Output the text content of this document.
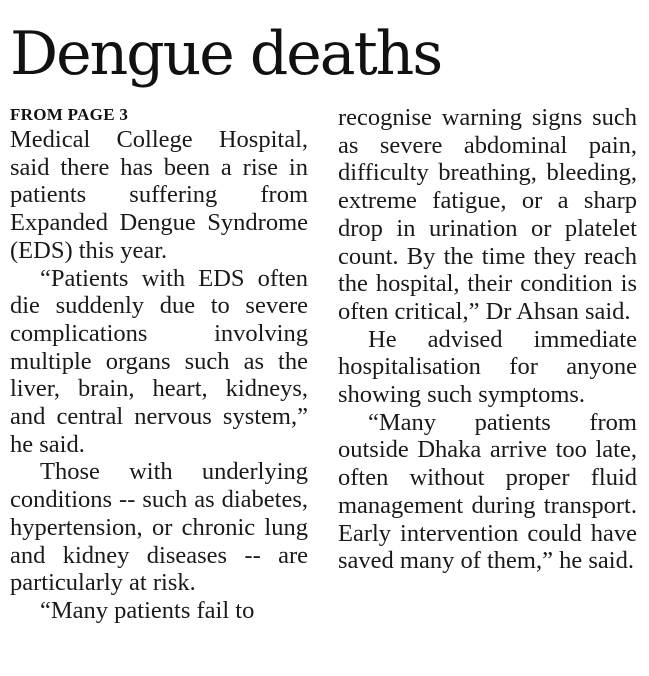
Dengue deaths
FROM PAGE 3

Medical College Hospital, said there has been a rise in patients suffering from Expanded Dengue Syndrome (EDS) this year.

“Patients with EDS often die suddenly due to severe complications involving multiple organs such as the liver, brain, heart, kidneys, and central nervous system,” he said.

Those with underlying conditions -- such as diabetes, hypertension, or chronic lung and kidney diseases -- are particularly at risk.

“Many patients fail to

recognise warning signs such as severe abdominal pain, difficulty breathing, bleeding, extreme fatigue, or a sharp drop in urination or platelet count. By the time they reach the hospital, their condition is often critical,” Dr Ahsan said.

He advised immediate hospitalisation for anyone showing such symptoms.

“Many patients from outside Dhaka arrive too late, often without proper fluid management during transport. Early intervention could have saved many of them,” he said.
